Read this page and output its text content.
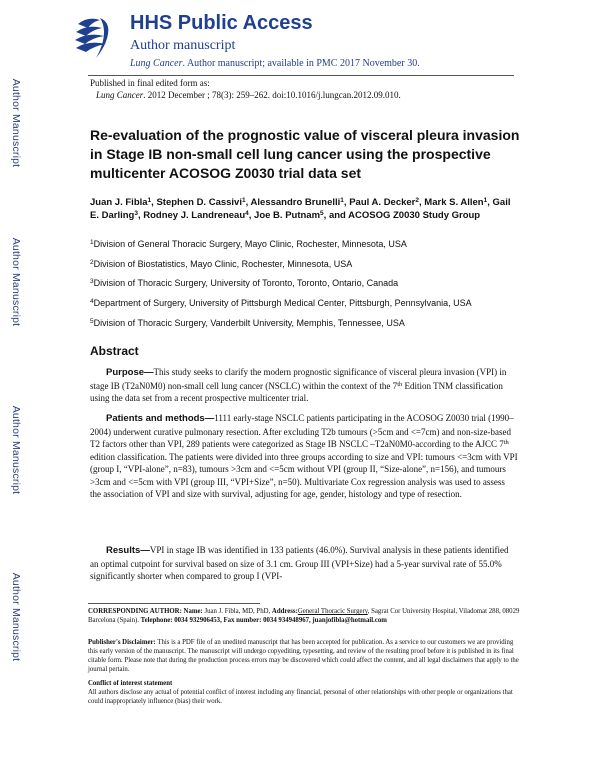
Author Manuscript
Author Manuscript
Author Manuscript
Author Manuscript
HHS Public Access
Author manuscript
Lung Cancer. Author manuscript; available in PMC 2017 November 30.
Published in final edited form as:
Lung Cancer. 2012 December ; 78(3): 259–262. doi:10.1016/j.lungcan.2012.09.010.
Re-evaluation of the prognostic value of visceral pleura invasion in Stage IB non-small cell lung cancer using the prospective multicenter ACOSOG Z0030 trial data set
Juan J. Fibla$^1$, Stephen D. Cassivi$^1$, Alessandro Brunelli$^1$, Paul A. Decker$^2$, Mark S. Allen$^1$, Gail E. Darling$^3$, Rodney J. Landreneau$^4$, Joe B. Putnam$^5$, and ACOSOG Z0030 Study Group
$^1$Division of General Thoracic Surgery, Mayo Clinic, Rochester, Minnesota, USA
$^2$Division of Biostatistics, Mayo Clinic, Rochester, Minnesota, USA
$^3$Division of Thoracic Surgery, University of Toronto, Toronto, Ontario, Canada
$^4$Department of Surgery, University of Pittsburgh Medical Center, Pittsburgh, Pennsylvania, USA
$^5$Division of Thoracic Surgery, Vanderbilt University, Memphis, Tennessee, USA
Abstract
Purpose—This study seeks to clarify the modern prognostic significance of visceral pleura invasion (VPI) in stage IB (T2aN0M0) non-small cell lung cancer (NSCLC) within the context of the 7th Edition TNM classification using the data set from a recent prospective multicenter trial.
Patients and methods—1111 early-stage NSCLC patients participating in the ACOSOG Z0030 trial (1990–2004) underwent curative pulmonary resection. After excluding T2b tumours (>5cm and <=7cm) and non-size-based T2 factors other than VPI, 289 patients were categorized as Stage IB NSCLC –T2aN0M0-according to the AJCC 7th edition classification. The patients were divided into three groups according to size and VPI: tumours <=3cm with VPI (group I, “VPI-alone”, n=83), tumours >3cm and <=5cm without VPI (group II, “Size-alone”, n=156), and tumours >3cm and <=5cm with VPI (group III, “VPI+Size”, n=50). Multivariate Cox regression analysis was used to assess the association of VPI and size with survival, adjusting for age, gender, histology and type of resection.
Results—VPI in stage IB was identified in 133 patients (46.0%). Survival analysis in these patients identified an optimal cutpoint for survival based on size of 3.1 cm. Group III (VPI+Size) had a 5-year survival rate of 55.0% significantly shorter when compared to group I (VPI-
CORRESPONDING AUTHOR: Name: Juan J. Fibla, MD, PhD, Address:General Thoracic Surgery, Sagrat Cor University Hospital, Viladomat 288, 08029 Barcelona (Spain). Telephone: 0034 932906453, Fax number: 0034 934948967, juanjofibla@hotmail.com
Publisher's Disclaimer: This is a PDF file of an unedited manuscript that has been accepted for publication. As a service to our customers we are providing this early version of the manuscript. The manuscript will undergo copyediting, typesetting, and review of the resulting proof before it is published in its final citable form. Please note that during the production process errors may be discovered which could affect the content, and all legal disclaimers that apply to the journal pertain.
Conflict of interest statement
All authors disclose any actual of potential conflict of interest including any financial, personal of other relationships with other people or organizations that could inappropriately influence (bias) their work.
